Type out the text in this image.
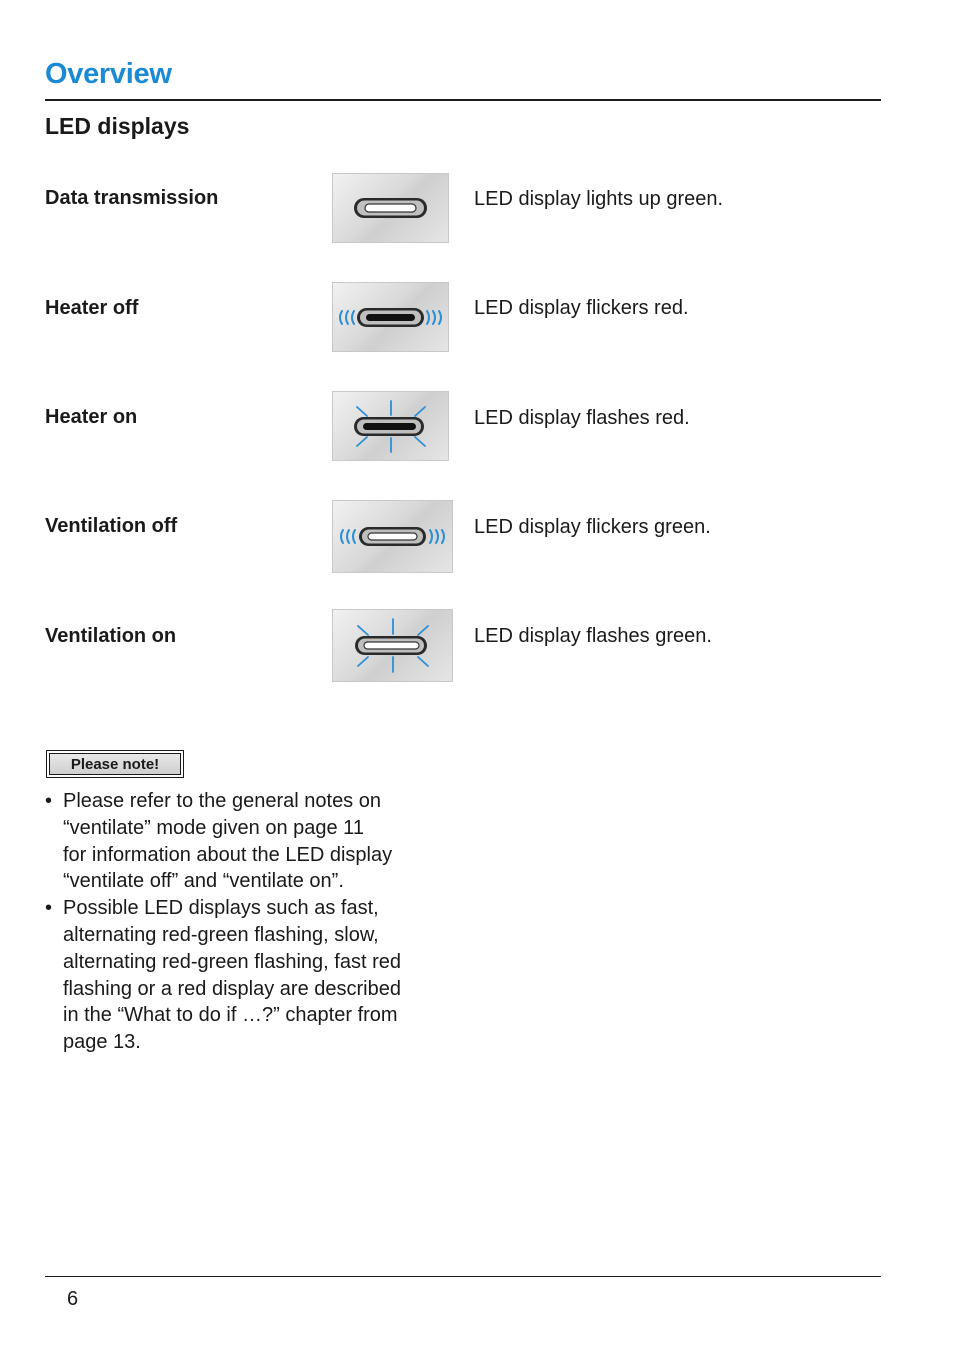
Overview
LED displays
Data transmission	LED display lights up green.
Heater off	LED display flickers red.
Heater on	LED display flashes red.
Ventilation off	LED display flickers green.
Ventilation on	LED display flashes green.
Please note!
• Please refer to the general notes on
“ventilate” mode given on page 11
for information about the LED display
“ventilate off” and “ventilate on”.
• Possible LED displays such as fast,
alternating red-green flashing, slow,
alternating red-green flashing, fast red
flashing or a red display are described
in the “What to do if …?” chapter from
page 13.
6
